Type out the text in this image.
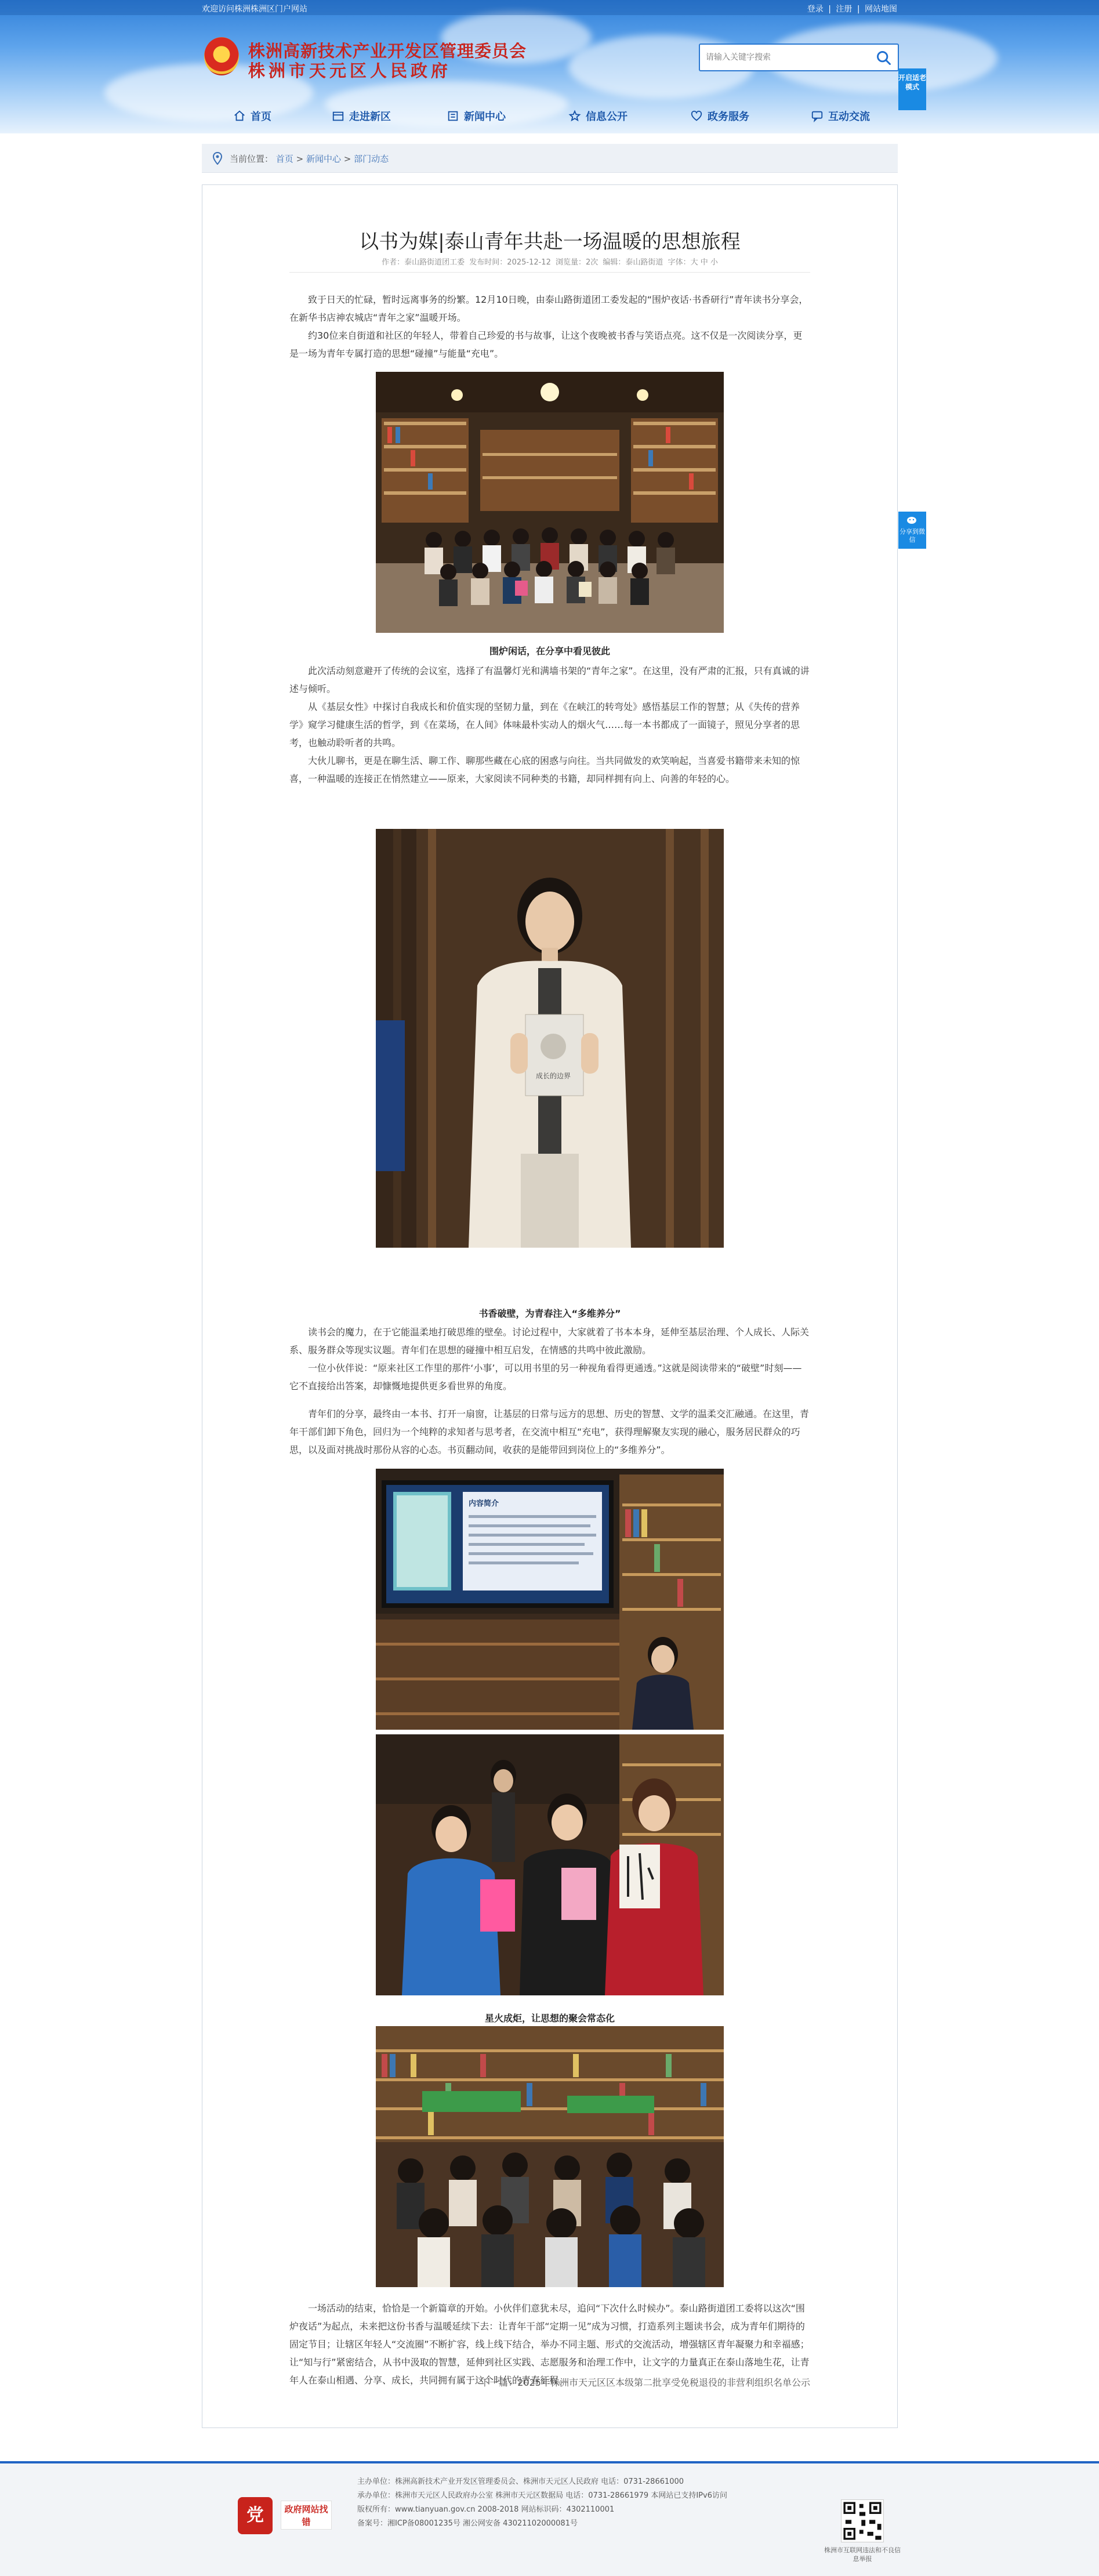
欢迎访问株洲株洲区门户网站	登录 | 注册 | 网站地图
株洲高新技术产业开发区管理委员会
株洲市天元区人民政府
请输入关键字搜索
首页	走进新区	新闻中心	信息公开	政务服务	互动交流
开启适老模式
当前位置： 首页 > 新闻中心 > 部门动态
以书为媒|泰山青年共赴一场温暖的思想旅程
作者：泰山路街道团工委 发布时间：2025-12-12 浏览量：2次 编辑：泰山路街道 字体：大 中 小

致于日天的忙碌，暂时远离事务的纷繁。12月10日晚，由泰山路街道团工委发起的“围炉夜话·书香研行”青年读书分享会，在新华书店神农城店“青年之家”温暖开场。

约30位来自街道和社区的年轻人，带着自己珍爱的书与故事，让这个夜晚被书香与笑语点亮。这不仅是一次阅读分享，更是一场为青年专属打造的思想“碰撞”与能量“充电”。

围炉闲话，在分享中看见彼此

此次活动刻意避开了传统的会议室，选择了有温馨灯光和满墙书架的“青年之家”。在这里，没有严肃的汇报，只有真诚的讲述与倾听。

从《基层女性》中探讨自我成长和价值实现的坚韧力量，到在《在峡江的转弯处》感悟基层工作的智慧；从《失传的营养学》窥学习健康生活的哲学，到《在菜场，在人间》体味最朴实动人的烟火气……每一本书都成了一面镜子，照见分享者的思考，也触动聆听者的共鸣。

大伙儿聊书，更是在聊生活、聊工作、聊那些藏在心底的困惑与向往。当共同做发的欢笑响起，当喜爱书籍带来未知的惊喜，一种温暖的连接正在悄然建立——原来，大家阅读不同种类的书籍，却同样拥有向上、向善的年轻的心。

成长的边界
书香破壁，为青春注入“多维养分”

读书会的魔力，在于它能温柔地打破思维的壁垒。讨论过程中，大家就着了书本本身，延伸至基层治理、个人成长、人际关系、服务群众等现实议题。青年们在思想的碰撞中相互启发，在情感的共鸣中彼此激励。

一位小伙伴说：“原来社区工作里的那件‘小事’，可以用书里的另一种视角看得更通透。”这就是阅读带来的“破壁”时刻——它不直接给出答案，却慷慨地提供更多看世界的角度。

青年们的分享，最终由一本书、打开一扇窗，让基层的日常与远方的思想、历史的智慧、文学的温柔交汇融通。在这里，青年干部们卸下角色，回归为一个纯粹的求知者与思考者，在交流中相互“充电”，获得理解聚友实现的融心，服务居民群众的巧思，以及面对挑战时那份从容的心态。书页翻动间，收获的是能带回到岗位上的“多维养分”。

内容简介
星火成炬，让思想的聚会常态化

一场活动的结束，恰恰是一个新篇章的开始。小伙伴们意犹未尽，追问“下次什么时候办”。泰山路街道团工委将以这次“围炉夜话”为起点，未来把这份书香与温暖延续下去：让青年干部“定期一见”成为习惯，打造系列主题读书会，成为青年们期待的固定节目；让辖区年轻人“交流圈”不断扩容，线上线下结合，举办不同主题、形式的交流活动，增强辖区青年凝聚力和幸福感；让“知与行”紧密结合，从书中汲取的智慧，延伸到社区实践、志愿服务和治理工作中，让文字的力量真正在泰山落地生花，让青年人在泰山相遇、分享、成长，共同拥有属于这个时代的青春征程。

下一篇：2025年株洲市天元区区本级第二批享受免税退役的非营利组织名单公示
分享到微信
党	政府网站找错
主办单位：株洲高新技术产业开发区管理委员会、株洲市天元区人民政府 电话：0731-28661000
承办单位：株洲市天元区人民政府办公室 株洲市天元区数据局 电话：0731-28661979 本网站已支持IPv6访问
版权所有：www.tianyuan.gov.cn 2008-2018 网站标识码：4302110001
备案号：湘ICP备08001235号 湘公网安备 43021102000081号
株洲市互联网违法和不良信息举报
